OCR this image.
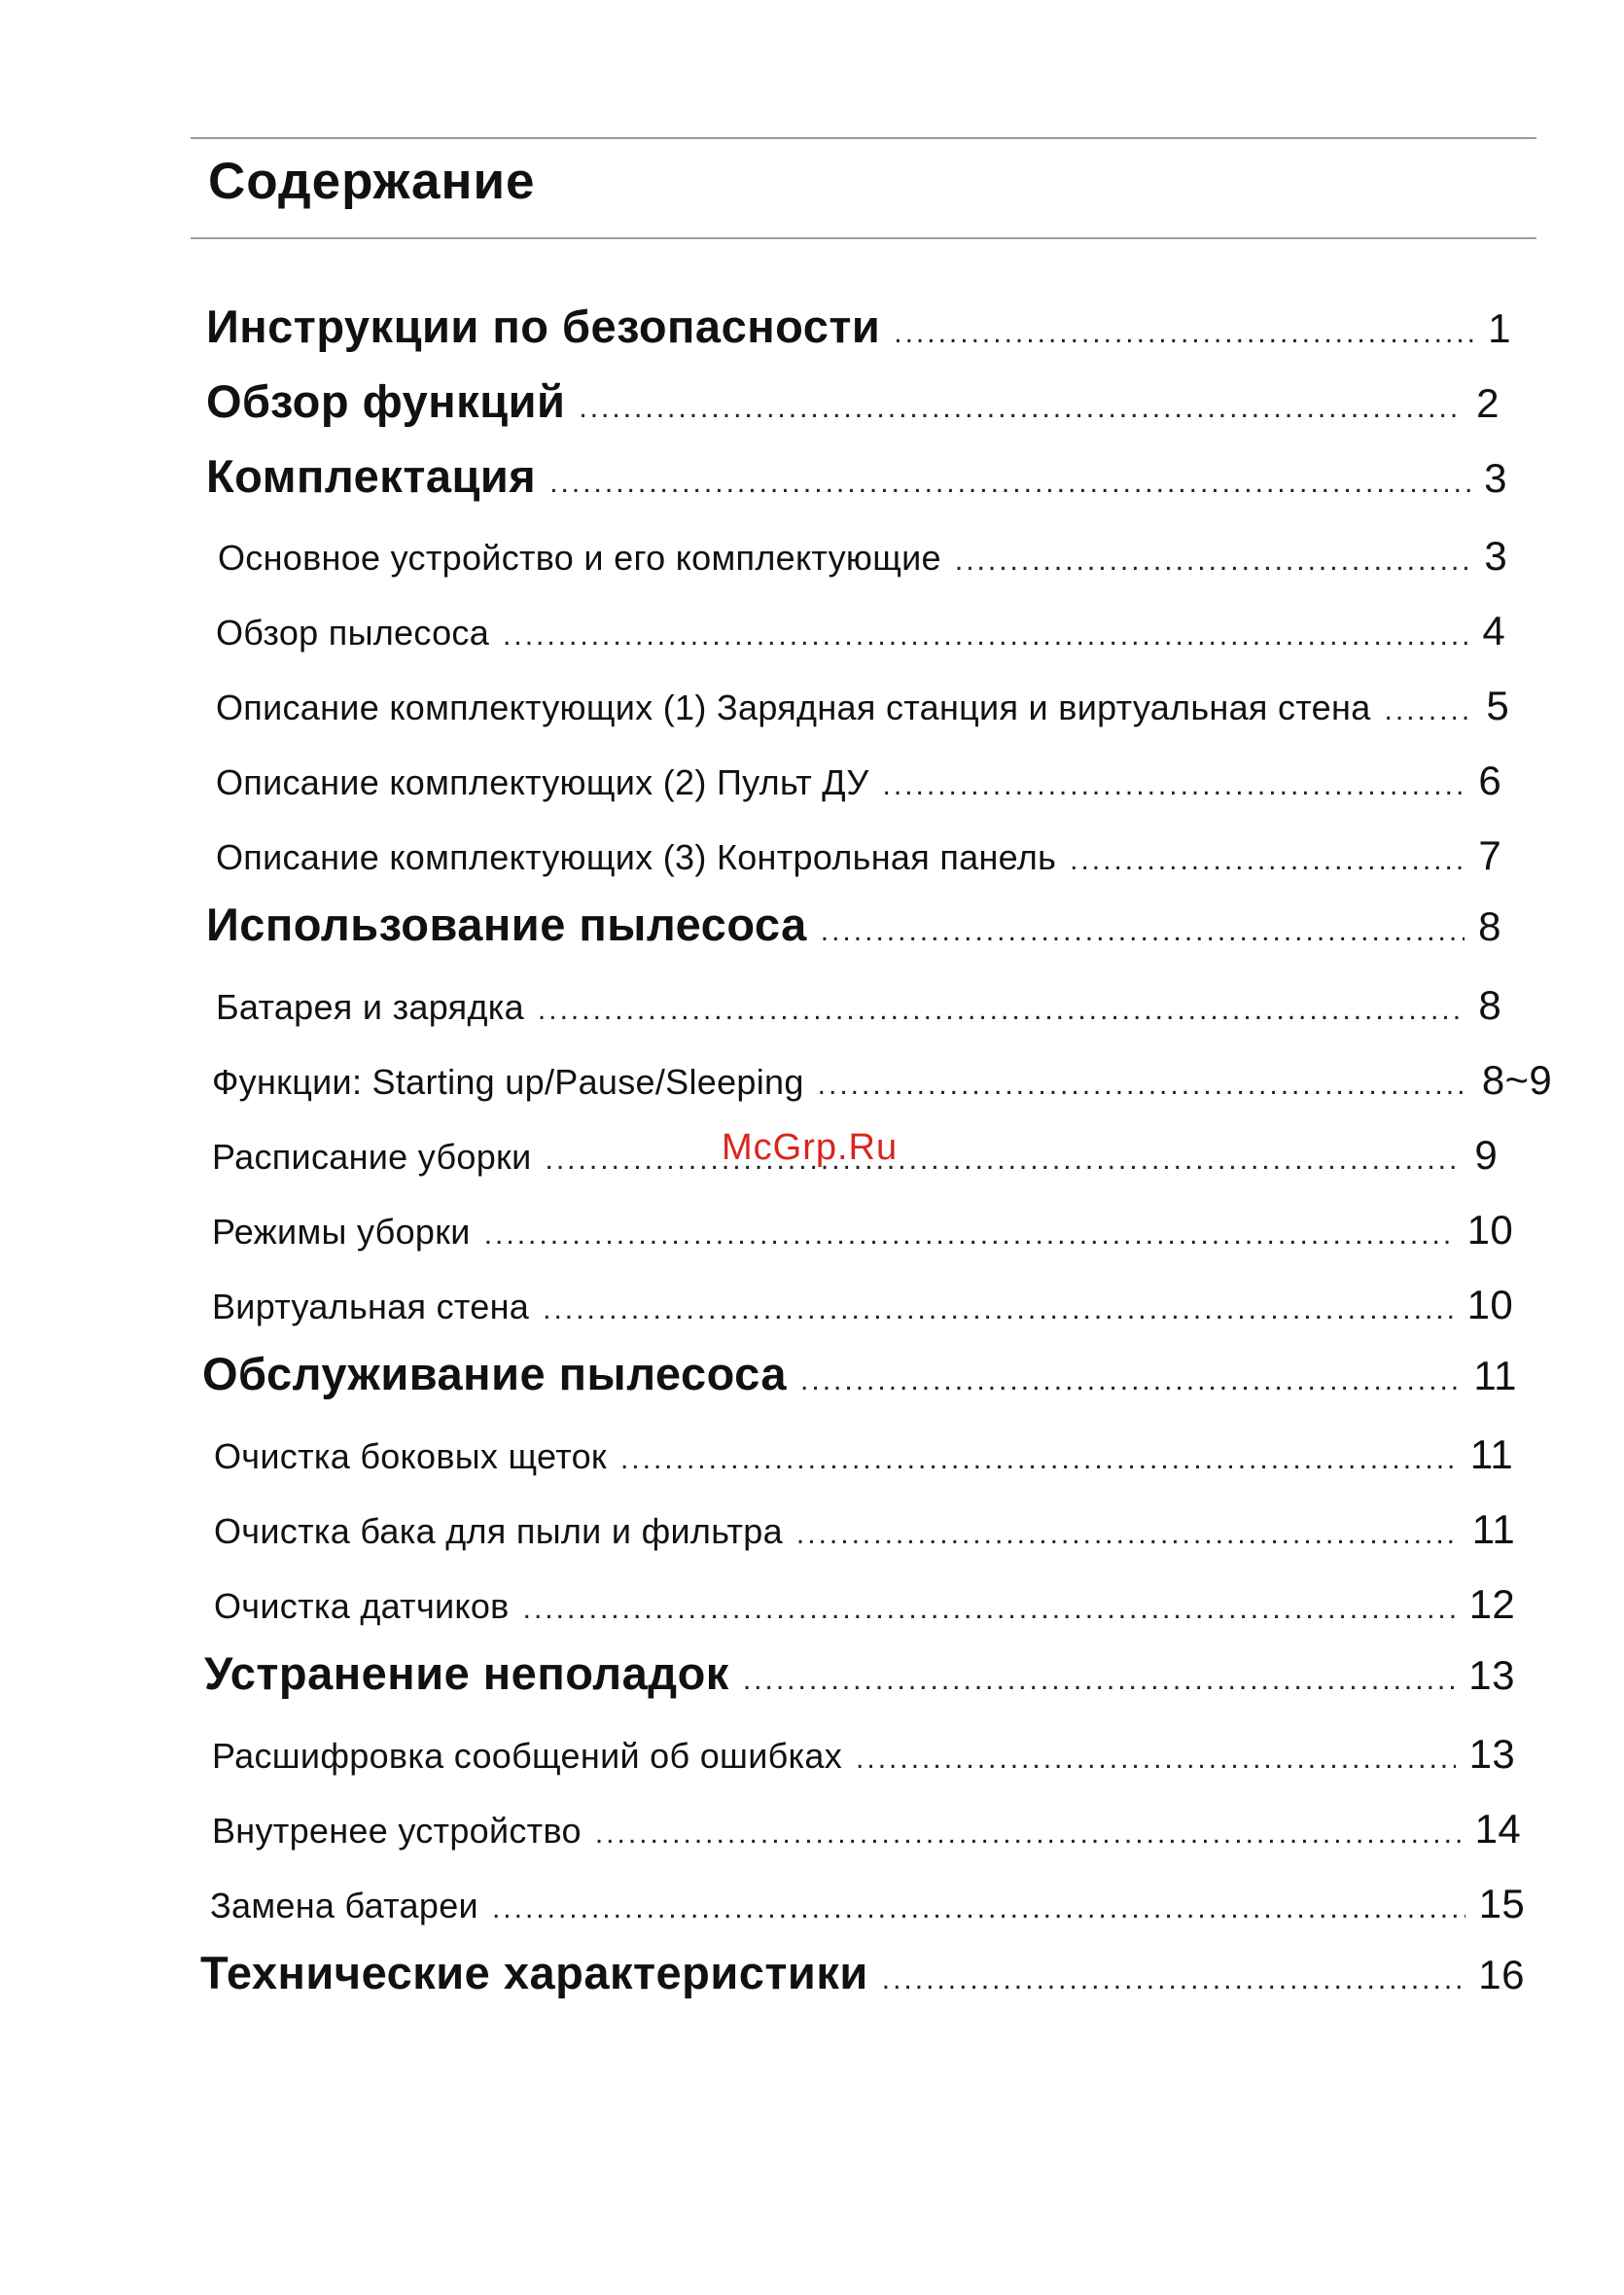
Содержание
Инструкции по безопасности .....	1
Обзор функций .....	2
Комплектация .....	3
Основное устройство и его комплектующие .....	3
Обзор пылесоса .....	4
Описание комплектующих (1) Зарядная станция и виртуальная стена .....	5
Описание комплектующих (2) Пульт ДУ .....	6
Описание комплектующих (3) Контрольная панель .....	7
Использование пылесоса .....	8
Батарея и зарядка .....	8
Функции: Starting up/Pause/Sleeping .....	8~9
Расписание уборки .....	9
Режимы уборки .....	10
Виртуальная стена .....	10
Обслуживание пылесоса .....	11
Очистка боковых щеток .....	11
Очистка бака для пыли и фильтра .....	11
Очистка датчиков .....	12
Устранение неполадок .....	13
Расшифровка сообщений об ошибках .....	13
Внутренее устройство .....	14
Замена батареи .....	15
Технические характеристики .....	16
McGrp.Ru
